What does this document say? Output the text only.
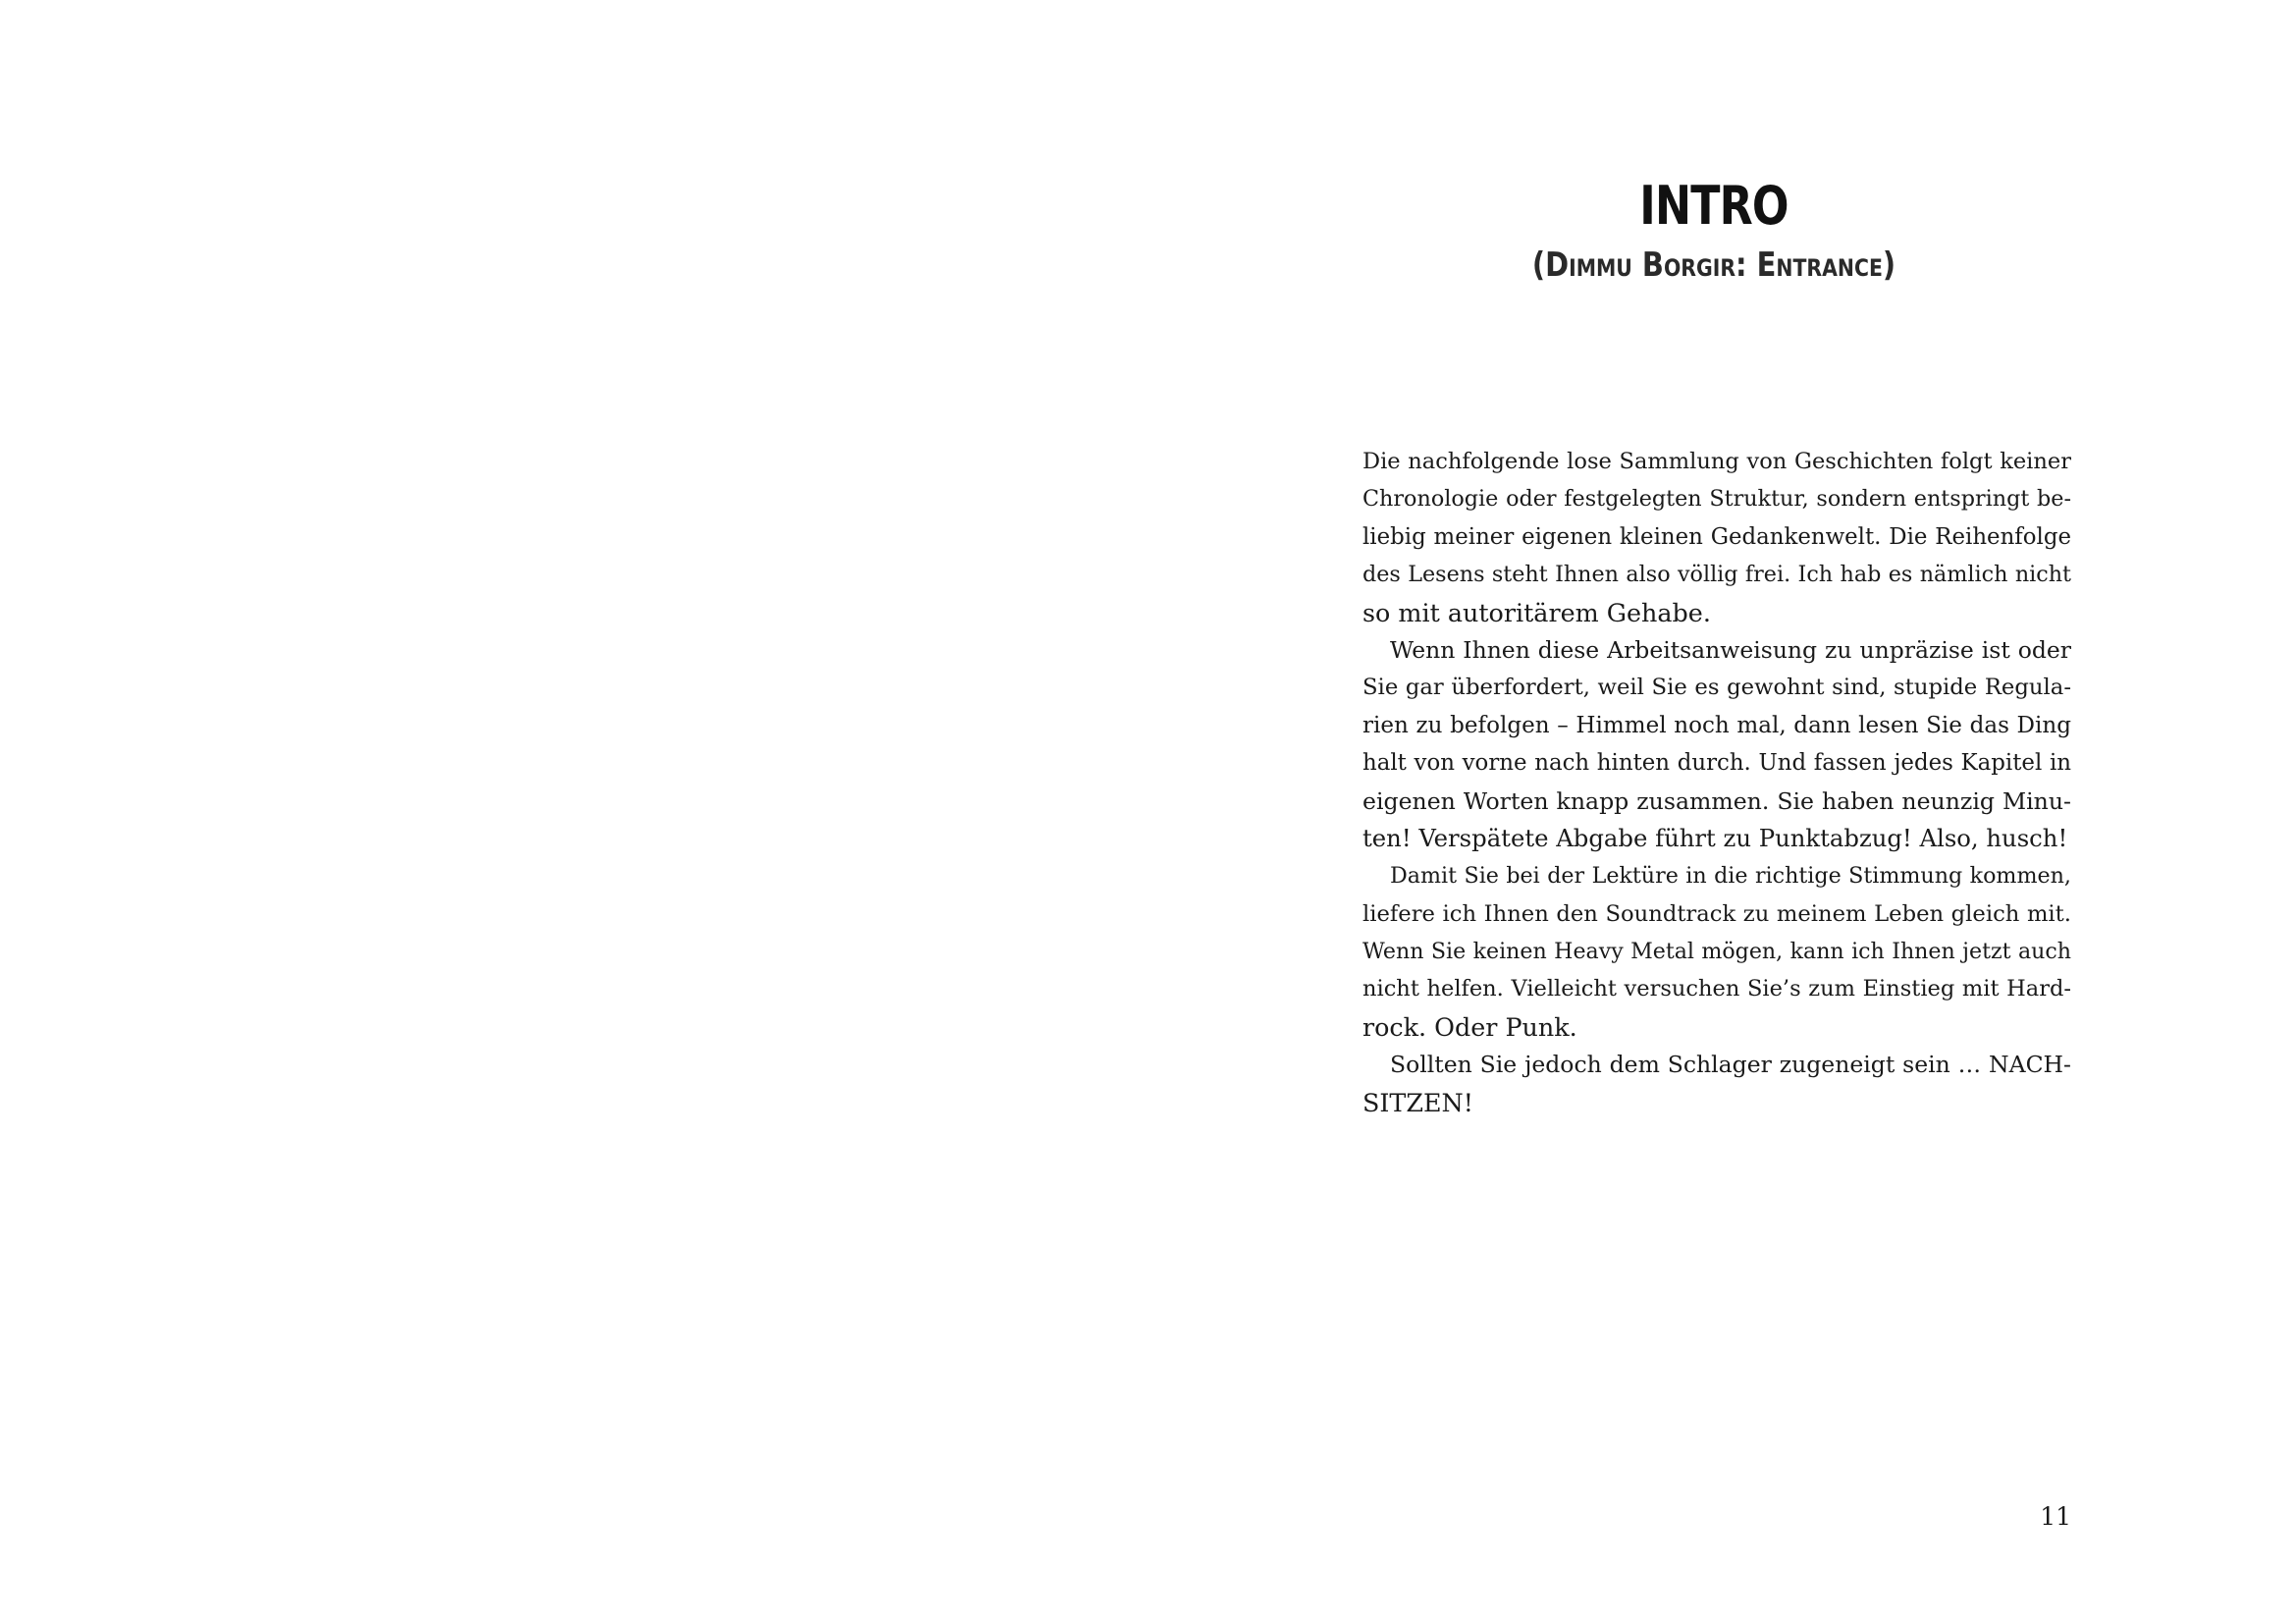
INTRO
(Dimmu Borgir: Entrance)
Die nachfolgende lose Sammlung von Geschichten folgt keiner
Chronologie oder festgelegten Struktur, sondern entspringt be-
liebig meiner eigenen kleinen Gedankenwelt. Die Reihenfolge
des Lesens steht Ihnen also völlig frei. Ich hab es nämlich nicht
so mit autoritärem Gehabe.
Wenn Ihnen diese Arbeitsanweisung zu unpräzise ist oder
Sie gar überfordert, weil Sie es gewohnt sind, stupide Regula-
rien zu befolgen – Himmel noch mal, dann lesen Sie das Ding
halt von vorne nach hinten durch. Und fassen jedes Kapitel in
eigenen Worten knapp zusammen. Sie haben neunzig Minu-
ten! Verspätete Abgabe führt zu Punktabzug! Also, husch!
Damit Sie bei der Lektüre in die richtige Stimmung kommen,
liefere ich Ihnen den Soundtrack zu meinem Leben gleich mit.
Wenn Sie keinen Heavy Metal mögen, kann ich Ihnen jetzt auch
nicht helfen. Vielleicht versuchen Sie’s zum Einstieg mit Hard-
rock. Oder Punk.
Sollten Sie jedoch dem Schlager zugeneigt sein … NACH-
SITZEN!
11
